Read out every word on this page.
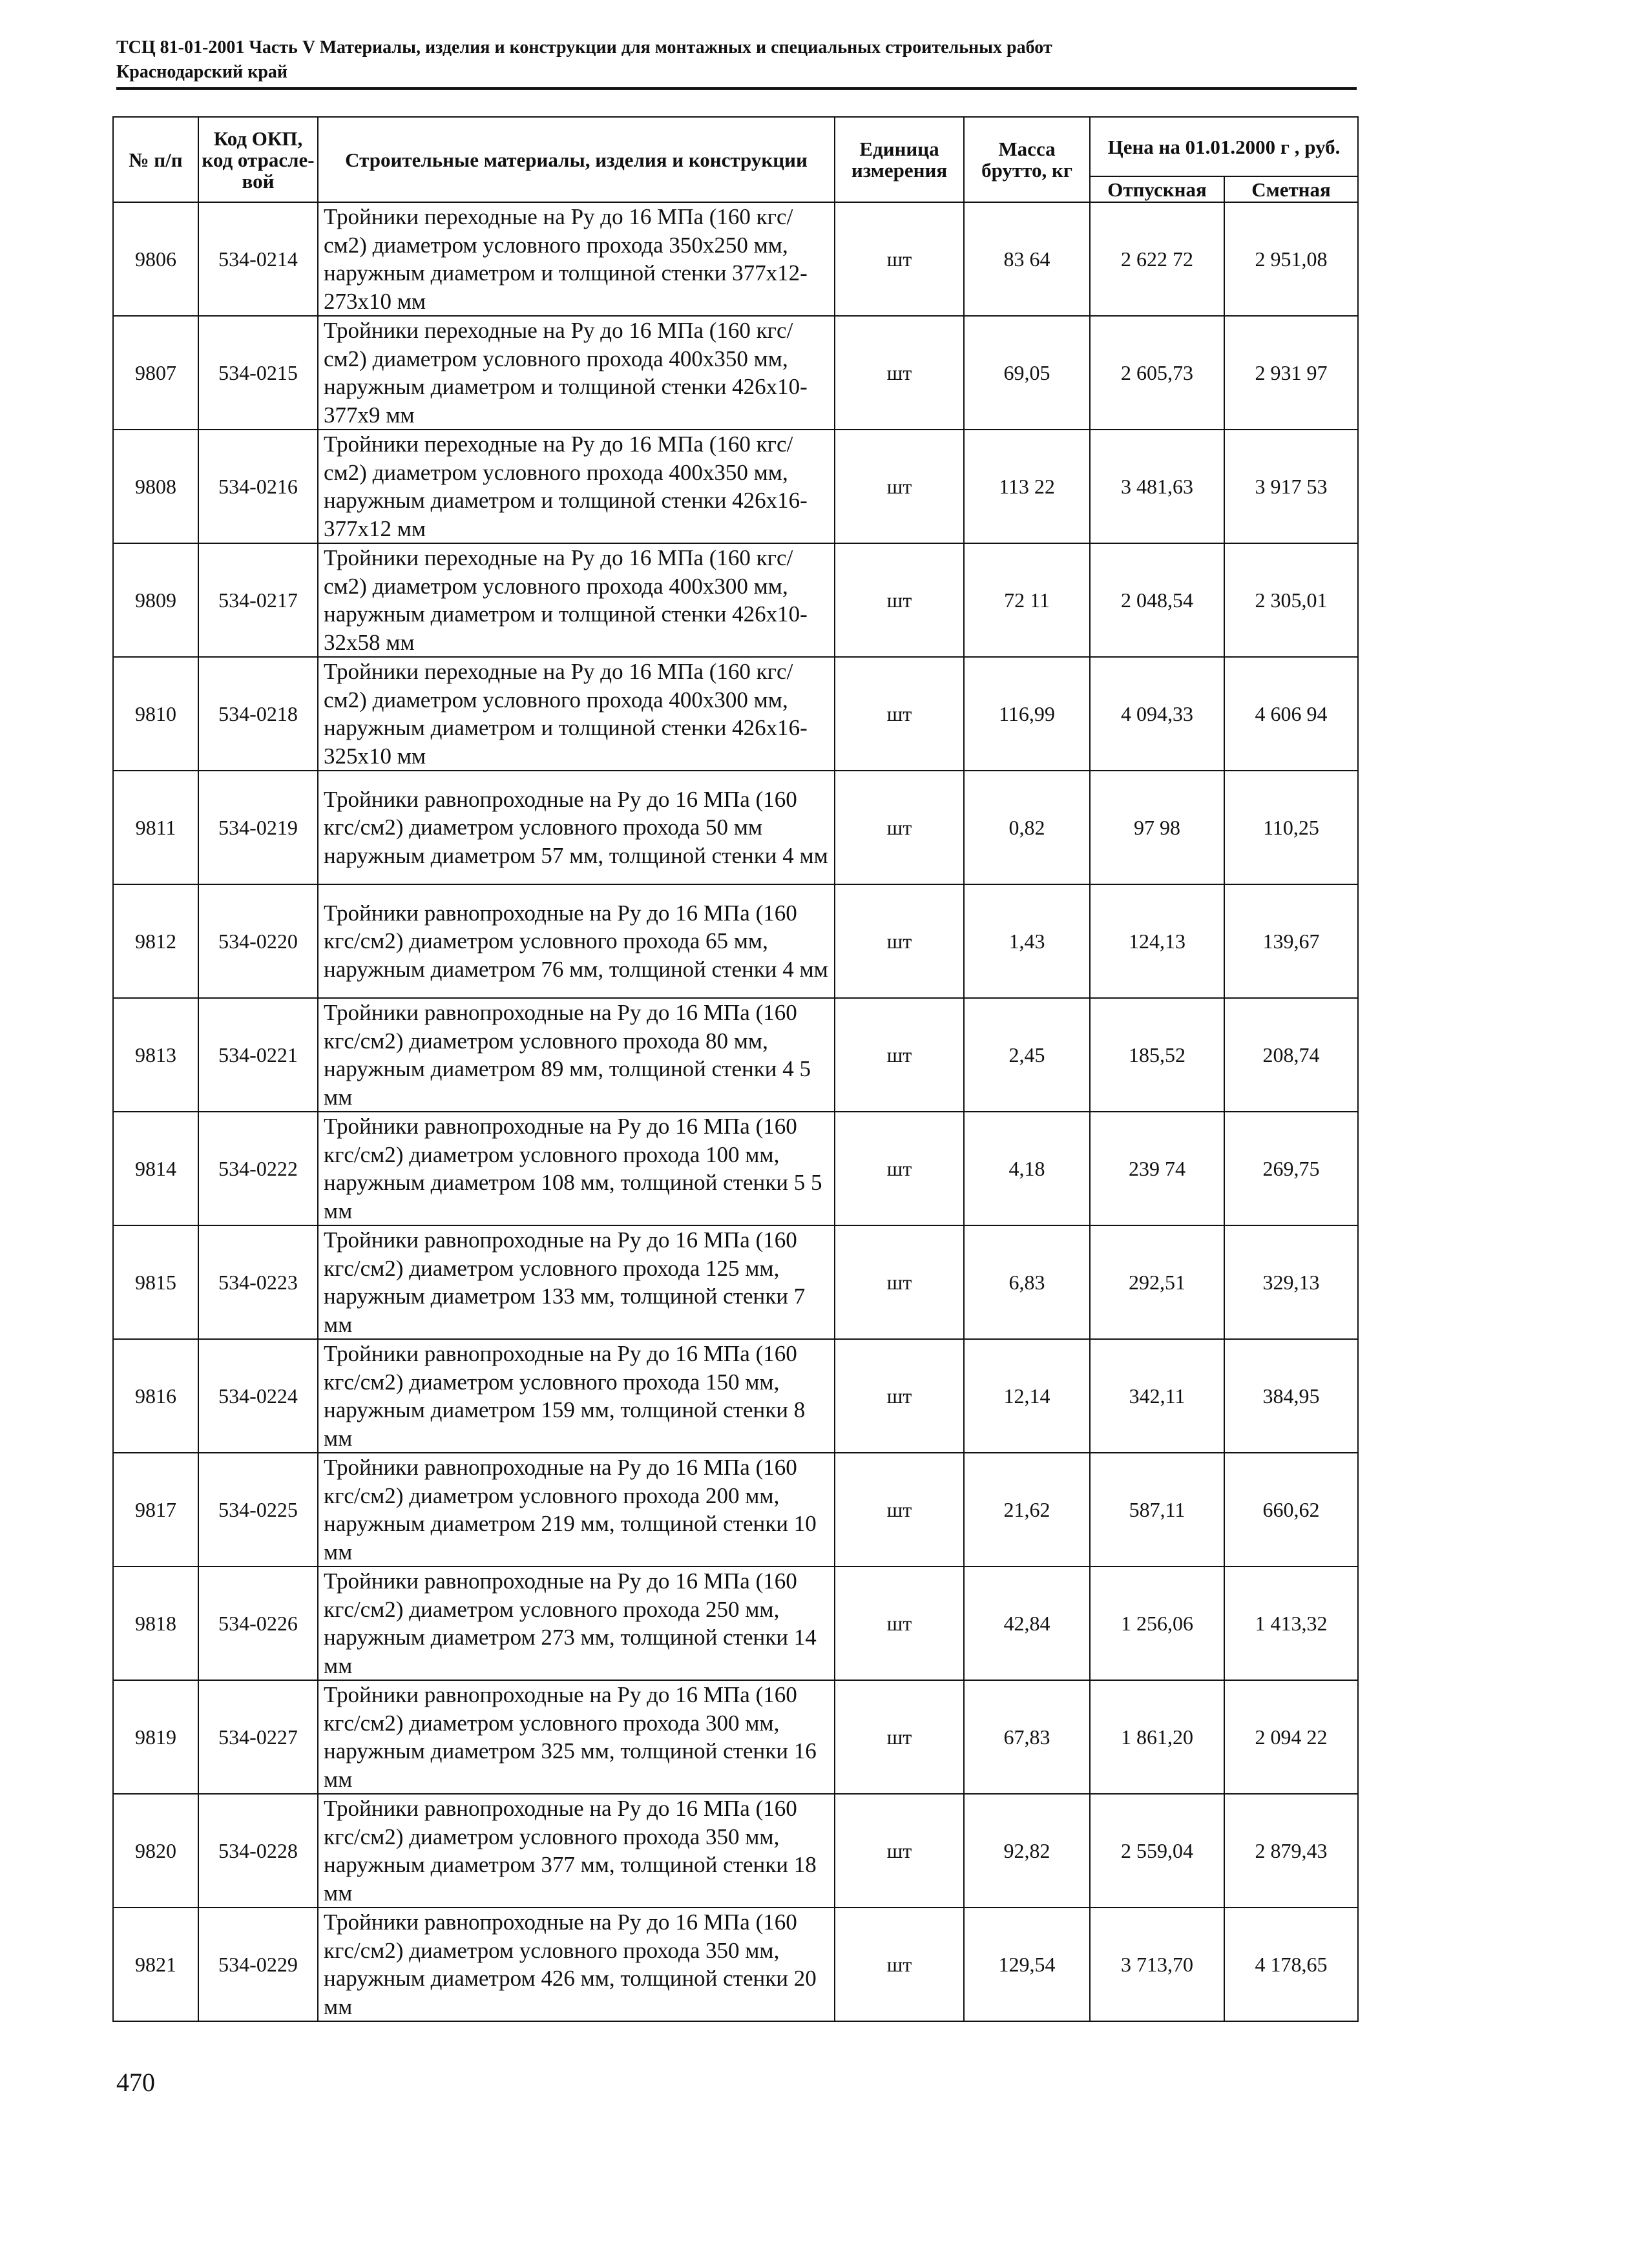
ТСЦ 81-01-2001 Часть V Материалы, изделия и конструкции для монтажных и специальных строительных работ
Краснодарский край
№ п/п	Код ОКП, код отрасле-вой	Строительные материалы, изделия и конструкции	Единица измерения	Масса брутто, кг	Цена на 01.01.2000 г , руб.	
					Отпускная	Сметная
9806	534-0214	Тройники переходные на Ру до 16 МПа (160 кгс/см2) диаметром условного прохода 350х250 мм, наружным диаметром и толщиной стенки 377х12-273х10 мм	шт	83 64	2 622 72	2 951,08
9807	534-0215	Тройники переходные на Ру до 16 МПа (160 кгс/см2) диаметром условного прохода 400х350 мм, наружным диаметром и толщиной стенки 426х10-377х9 мм	шт	69,05	2 605,73	2 931 97
9808	534-0216	Тройники переходные на Ру до 16 МПа (160 кгс/см2) диаметром условного прохода 400х350 мм, наружным диаметром и толщиной стенки 426х16-377х12 мм	шт	113 22	3 481,63	3 917 53
9809	534-0217	Тройники переходные на Ру до 16 МПа (160 кгс/см2) диаметром условного прохода 400х300 мм, наружным диаметром и толщиной стенки 426х10-32х58 мм	шт	72 11	2 048,54	2 305,01
9810	534-0218	Тройники переходные на Ру до 16 МПа (160 кгс/см2) диаметром условного прохода 400х300 мм, наружным диаметром и толщиной стенки 426х16-325х10 мм	шт	116,99	4 094,33	4 606 94
9811	534-0219	Тройники равнопроходные на Ру до 16 МПа (160 кгс/см2) диаметром условного прохода 50 мм наружным диаметром 57 мм, толщиной стенки 4 мм	шт	0,82	97 98	110,25
9812	534-0220	Тройники равнопроходные на Ру до 16 МПа (160 кгс/см2) диаметром условного прохода 65 мм, наружным диаметром 76 мм, толщиной стенки 4 мм	шт	1,43	124,13	139,67
9813	534-0221	Тройники равнопроходные на Ру до 16 МПа (160 кгс/см2) диаметром условного прохода 80 мм, наружным диаметром 89 мм, толщиной стенки 4 5 мм	шт	2,45	185,52	208,74
9814	534-0222	Тройники равнопроходные на Ру до 16 МПа (160 кгс/см2) диаметром условного прохода 100 мм, наружным диаметром 108 мм, толщиной стенки 5 5 мм	шт	4,18	239 74	269,75
9815	534-0223	Тройники равнопроходные на Ру до 16 МПа (160 кгс/см2) диаметром условного прохода 125 мм, наружным диаметром 133 мм, толщиной стенки 7 мм	шт	6,83	292,51	329,13
9816	534-0224	Тройники равнопроходные на Ру до 16 МПа (160 кгс/см2) диаметром условного прохода 150 мм, наружным диаметром 159 мм, толщиной стенки 8 мм	шт	12,14	342,11	384,95
9817	534-0225	Тройники равнопроходные на Ру до 16 МПа (160 кгс/см2) диаметром условного прохода 200 мм, наружным диаметром 219 мм, толщиной стенки 10 мм	шт	21,62	587,11	660,62
9818	534-0226	Тройники равнопроходные на Ру до 16 МПа (160 кгс/см2) диаметром условного прохода 250 мм, наружным диаметром 273 мм, толщиной стенки 14 мм	шт	42,84	1 256,06	1 413,32
9819	534-0227	Тройники равнопроходные на Ру до 16 МПа (160 кгс/см2) диаметром условного прохода 300 мм, наружным диаметром 325 мм, толщиной стенки 16 мм	шт	67,83	1 861,20	2 094 22
9820	534-0228	Тройники равнопроходные на Ру до 16 МПа (160 кгс/см2) диаметром условного прохода 350 мм, наружным диаметром 377 мм, толщиной стенки 18 мм	шт	92,82	2 559,04	2 879,43
9821	534-0229	Тройники равнопроходные на Ру до 16 МПа (160 кгс/см2) диаметром условного прохода 350 мм, наружным диаметром 426 мм, толщиной стенки 20 мм	шт	129,54	3 713,70	4 178,65
470
